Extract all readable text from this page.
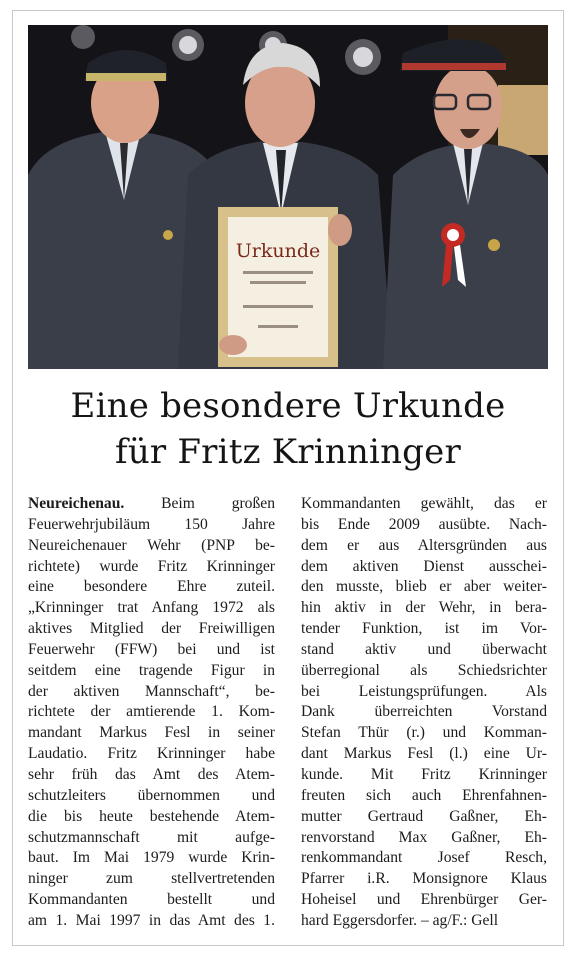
Urkunde
Eine besondere Urkunde
für Fritz Krinninger
Neureichenau. Beim großen
Feuerwehrjubiläum 150 Jahre
Neureichenauer Wehr (PNP be-
richtete) wurde Fritz Krinninger
eine besondere Ehre zuteil.
„Krinninger trat Anfang 1972 als
aktives Mitglied der Freiwilligen
Feuerwehr (FFW) bei und ist
seitdem eine tragende Figur in
der aktiven Mannschaft“, be-
richtete der amtierende 1. Kom-
mandant Markus Fesl in seiner
Laudatio. Fritz Krinninger habe
sehr früh das Amt des Atem-
schutzleiters übernommen und
die bis heute bestehende Atem-
schutzmannschaft mit aufge-
baut. Im Mai 1979 wurde Krin-
ninger zum stellvertretenden
Kommandanten bestellt und
am 1. Mai 1997 in das Amt des 1.
Kommandanten gewählt, das er
bis Ende 2009 ausübte. Nach-
dem er aus Altersgründen aus
dem aktiven Dienst ausschei-
den musste, blieb er aber weiter-
hin aktiv in der Wehr, in bera-
tender Funktion, ist im Vor-
stand aktiv und überwacht
überregional als Schiedsrichter
bei Leistungsprüfungen. Als
Dank überreichten Vorstand
Stefan Thür (r.) und Komman-
dant Markus Fesl (l.) eine Ur-
kunde. Mit Fritz Krinninger
freuten sich auch Ehrenfahnen-
mutter Gertraud Gaßner, Eh-
renvorstand Max Gaßner, Eh-
renkommandant Josef Resch,
Pfarrer i.R. Monsignore Klaus
Hoheisel und Ehrenbürger Ger-
hard Eggersdorfer. – ag/F.: Gell
